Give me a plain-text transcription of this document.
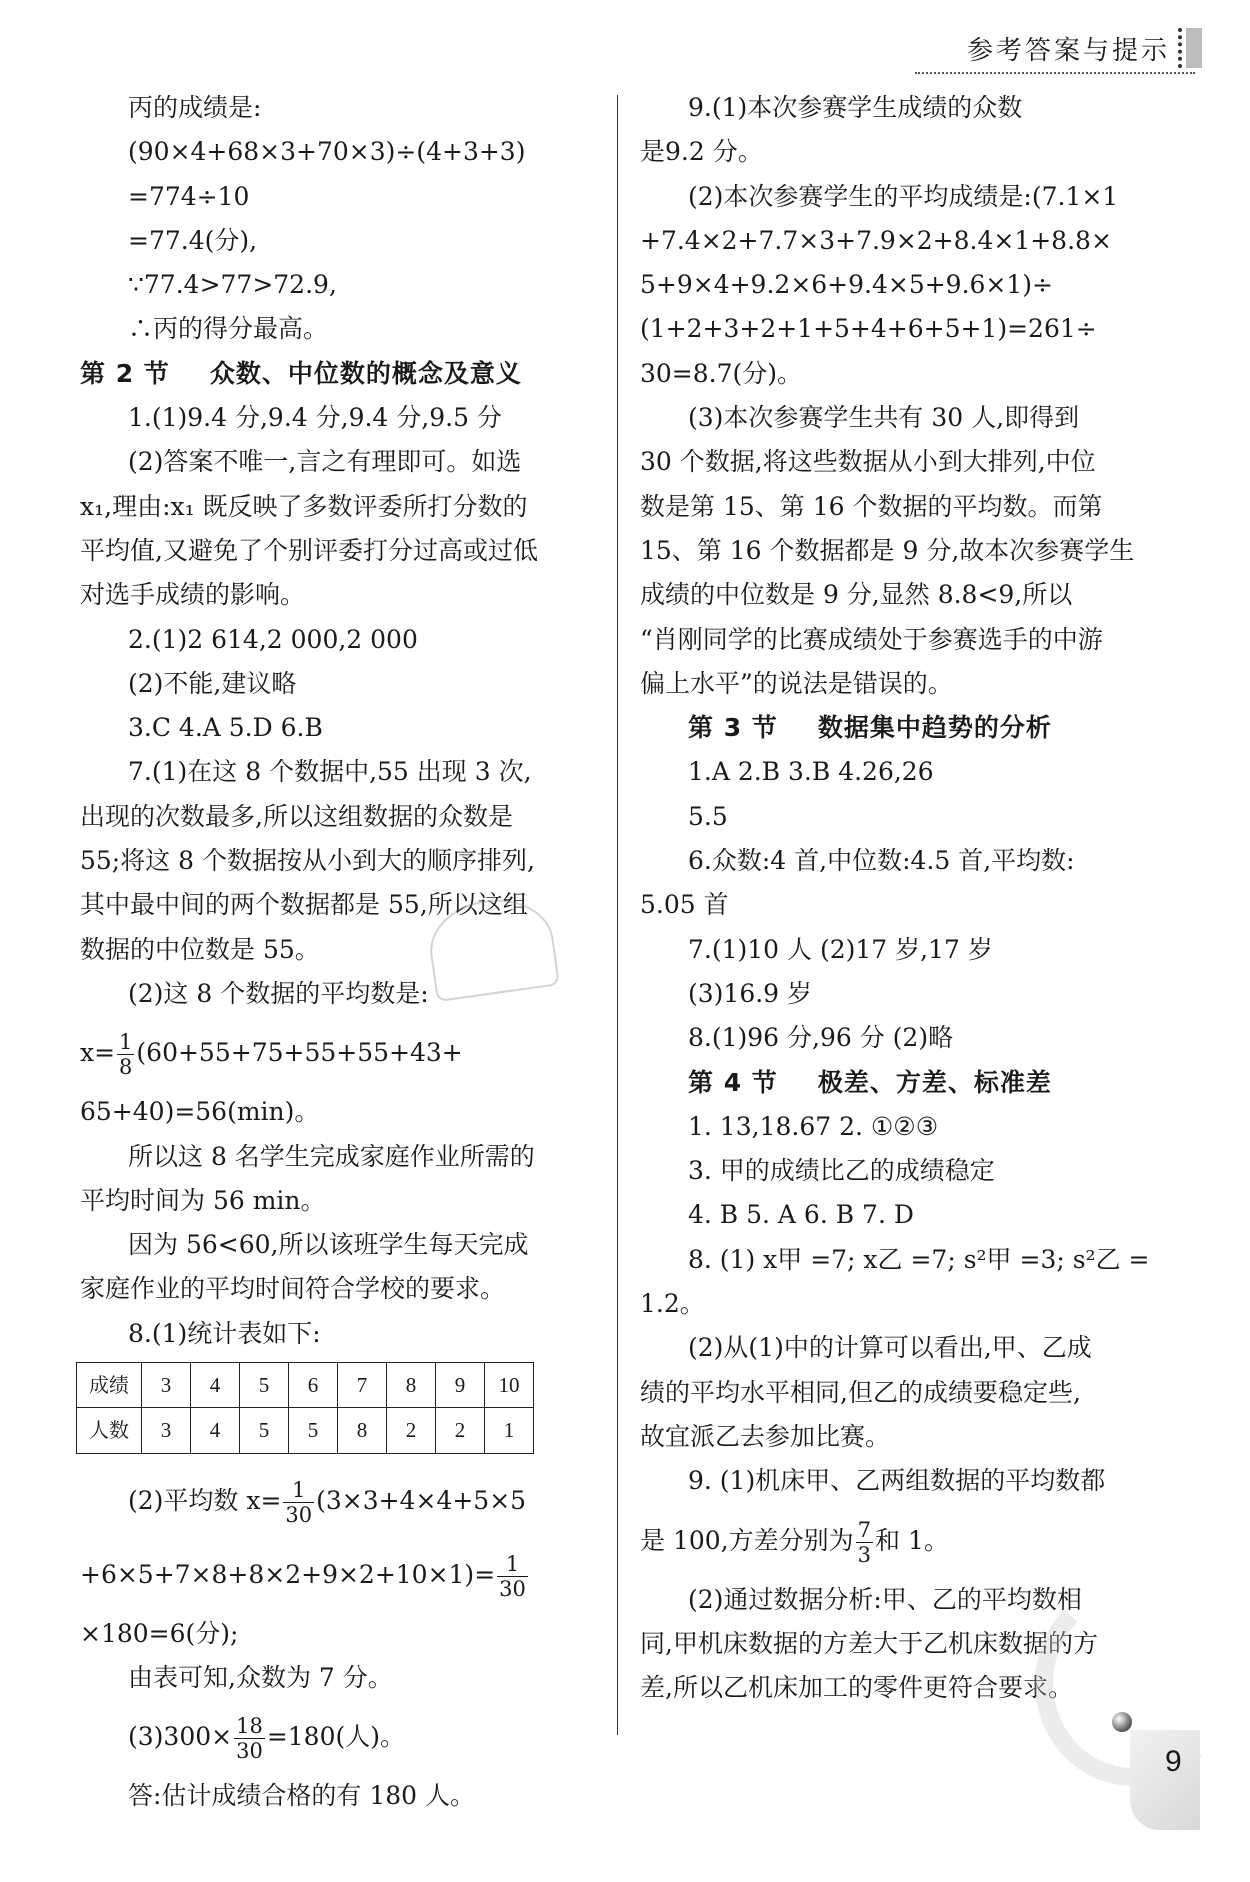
参考答案与提示

丙的成绩是:

(90×4+68×3+70×3)÷(4+3+3)

=774÷10

=77.4(分),

∵77.4>77>72.9,

∴丙的得分最高。

第 2 节 众数、中位数的概念及意义

1.(1)9.4 分,9.4 分,9.4 分,9.5 分

(2)答案不唯一,言之有理即可。如选

x₁,理由:x₁ 既反映了多数评委所打分数的

平均值,又避免了个别评委打分过高或过低

对选手成绩的影响。

2.(1)2 614,2 000,2 000

(2)不能,建议略

3.C 4.A 5.D 6.B

7.(1)在这 8 个数据中,55 出现 3 次,

出现的次数最多,所以这组数据的众数是

55;将这 8 个数据按从小到大的顺序排列,

其中最中间的两个数据都是 55,所以这组

数据的中位数是 55。

(2)这 8 个数据的平均数是:

$x= \frac{1}{8} (60+55+75+55+55+43+$

65+40)=56(min)。

所以这 8 名学生完成家庭作业所需的

平均时间为 56 min。

因为 56<60,所以该班学生每天完成

家庭作业的平均时间符合学校的要求。

8.(1)统计表如下:

成绩	3	4	5	6	7	8	9	10
人数	3	4	5	5	8	2	2	1

(2)平均数 $x= \frac{1}{30} (3\times 3+4\times 4+5\times 5$

$+6\times 5+7\times 8+8\times 2+9\times 2+10\times 1)= \frac{1}{30}$

×180=6(分);

由表可知,众数为 7 分。

$(3)300\times \frac{18}{30} =180$(人)。

答:估计成绩合格的有 180 人。

9.(1)本次参赛学生成绩的众数

是9.2 分。

(2)本次参赛学生的平均成绩是:(7.1×1

+7.4×2+7.7×3+7.9×2+8.4×1+8.8×

5+9×4+9.2×6+9.4×5+9.6×1)÷

(1+2+3+2+1+5+4+6+5+1)=261÷

30=8.7(分)。

(3)本次参赛学生共有 30 人,即得到

30 个数据,将这些数据从小到大排列,中位

数是第 15、第 16 个数据的平均数。而第

15、第 16 个数据都是 9 分,故本次参赛学生

成绩的中位数是 9 分,显然 8.8<9,所以

“肖刚同学的比赛成绩处于参赛选手的中游

偏上水平”的说法是错误的。

第 3 节 数据集中趋势的分析

1.A 2.B 3.B 4.26,26

5.5

6.众数:4 首,中位数:4.5 首,平均数:

5.05 首

7.(1)10 人 (2)17 岁,17 岁

(3)16.9 岁

8.(1)96 分,96 分 (2)略

第 4 节 极差、方差、标准差

1. 13,18.67 2. ①②③

3. 甲的成绩比乙的成绩稳定

4. B 5. A 6. B 7. D

8. (1) x甲 =7; x乙 =7; s²甲 =3; s²乙 =

1.2。

(2)从(1)中的计算可以看出,甲、乙成

绩的平均水平相同,但乙的成绩要稳定些,

故宜派乙去参加比赛。

9. (1)机床甲、乙两组数据的平均数都

是 100,方差分别为 $\frac{7}{3}$ 和 1。

(2)通过数据分析:甲、乙的平均数相

同,甲机床数据的方差大于乙机床数据的方

差,所以乙机床加工的零件更符合要求。

9
